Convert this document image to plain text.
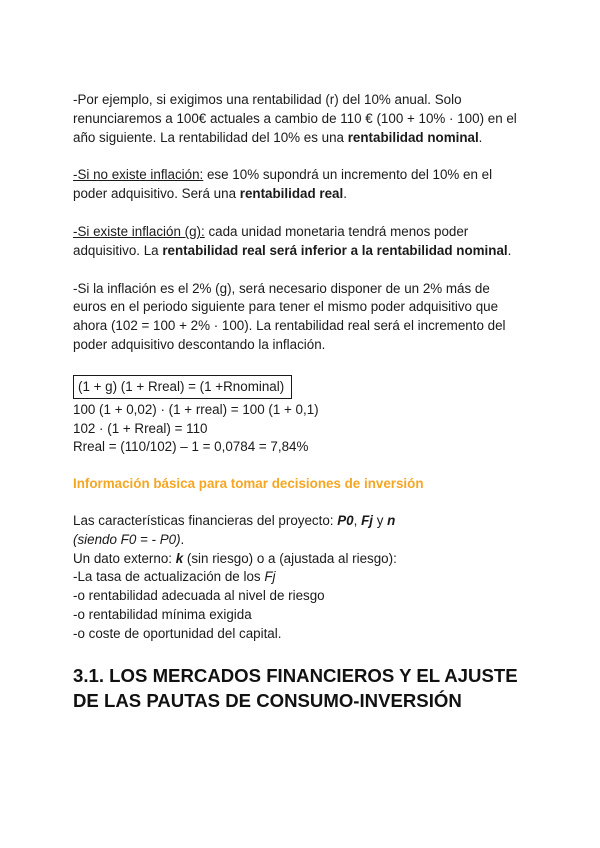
-Por ejemplo, si exigimos una rentabilidad (r) del 10% anual. Solo renunciaremos a 100€ actuales a cambio de 110 € (100 + 10% · 100) en el año siguiente. La rentabilidad del 10% es una rentabilidad nominal.

-Si no existe inflación: ese 10% supondrá un incremento del 10% en el poder adquisitivo. Será una rentabilidad real.

-Si existe inflación (g): cada unidad monetaria tendrá menos poder adquisitivo. La rentabilidad real será inferior a la rentabilidad nominal.

-Si la inflación es el 2% (g), será necesario disponer de un 2% más de euros en el periodo siguiente para tener el mismo poder adquisitivo que ahora (102 = 100 + 2% · 100). La rentabilidad real será el incremento del poder adquisitivo descontando la inflación.

(1 + g) (1 + Rreal) = (1 +Rnominal)

100 (1 + 0,02) · (1 + rreal) = 100 (1 + 0,1)

102 · (1 + Rreal) = 110

Rreal = (110/102) – 1 = 0,0784 = 7,84%

Información básica para tomar decisiones de inversión

Las características financieras del proyecto: P0, Fj y n

(siendo F0 = - P0).

Un dato externo: k (sin riesgo) o a (ajustada al riesgo):

-La tasa de actualización de los Fj

-o rentabilidad adecuada al nivel de riesgo

-o rentabilidad mínima exigida

-o coste de oportunidad del capital.

3.1. LOS MERCADOS FINANCIEROS Y EL AJUSTE DE LAS PAUTAS DE CONSUMO-INVERSIÓN
